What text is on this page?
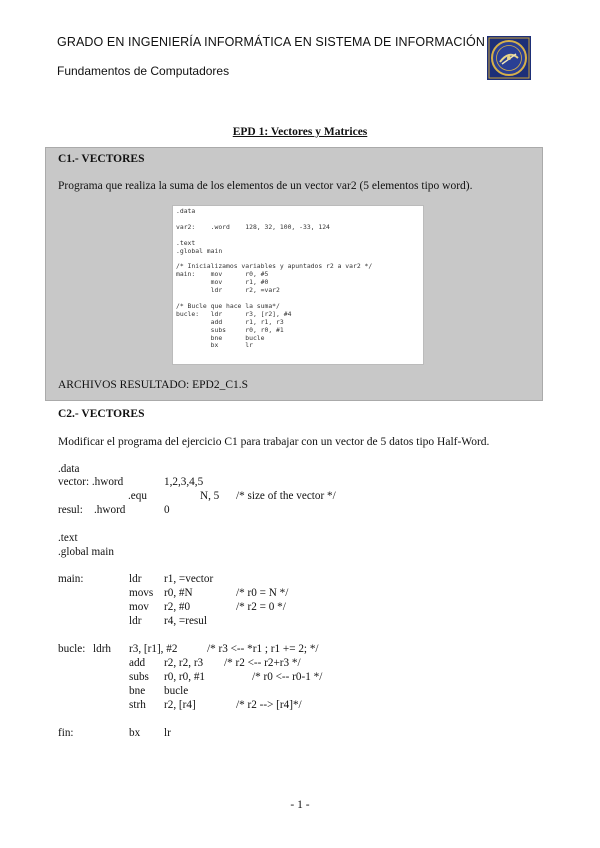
GRADO EN INGENIERÍA INFORMÁTICA EN SISTEMA DE INFORMACIÓN
Fundamentos de Computadores
EPD 1: Vectores y Matrices
C1.- VECTORES
Programa que realiza la suma de los elementos de un vector var2 (5 elementos tipo word).
.data

var2:    .word    128, 32, 100, -33, 124

.text
.global main

/* Inicializamos variables y apuntados r2 a var2 */
main:    mov      r0, #5
mov      r1, #0
ldr      r2, =var2

/* Bucle que hace la suma*/
bucle:   ldr      r3, [r2], #4
add      r1, r1, r3
subs     r0, r0, #1
bne      bucle
bx       lr
ARCHIVOS RESULTADO: EPD2_C1.S
C2.- VECTORES
Modificar el programa del ejercicio C1 para trabajar con un vector de 5 datos tipo Half-Word.
.data
vector: .hword	1,2,3,4,5
.equ	N, 5 /* size of the vector */
resul: .hword	0
.text
.global main
main:	ldr r1, =vector
movs r0, #N	/* r0 = N */
mov r2, #0	/* r2 = 0 */
ldr r4, =resul
bucle: ldrh r3, [r1], #2	/* r3 <-- *r1 ; r1 += 2; */
add r2, r2, r3 /* r2 <-- r2+r3 */
subs r0, r0, #1	/* r0 <-- r0-1 */
bne bucle
strh r2, [r4]	/* r2 --> [r4]*/
fin:	bx lr
- 1 -
